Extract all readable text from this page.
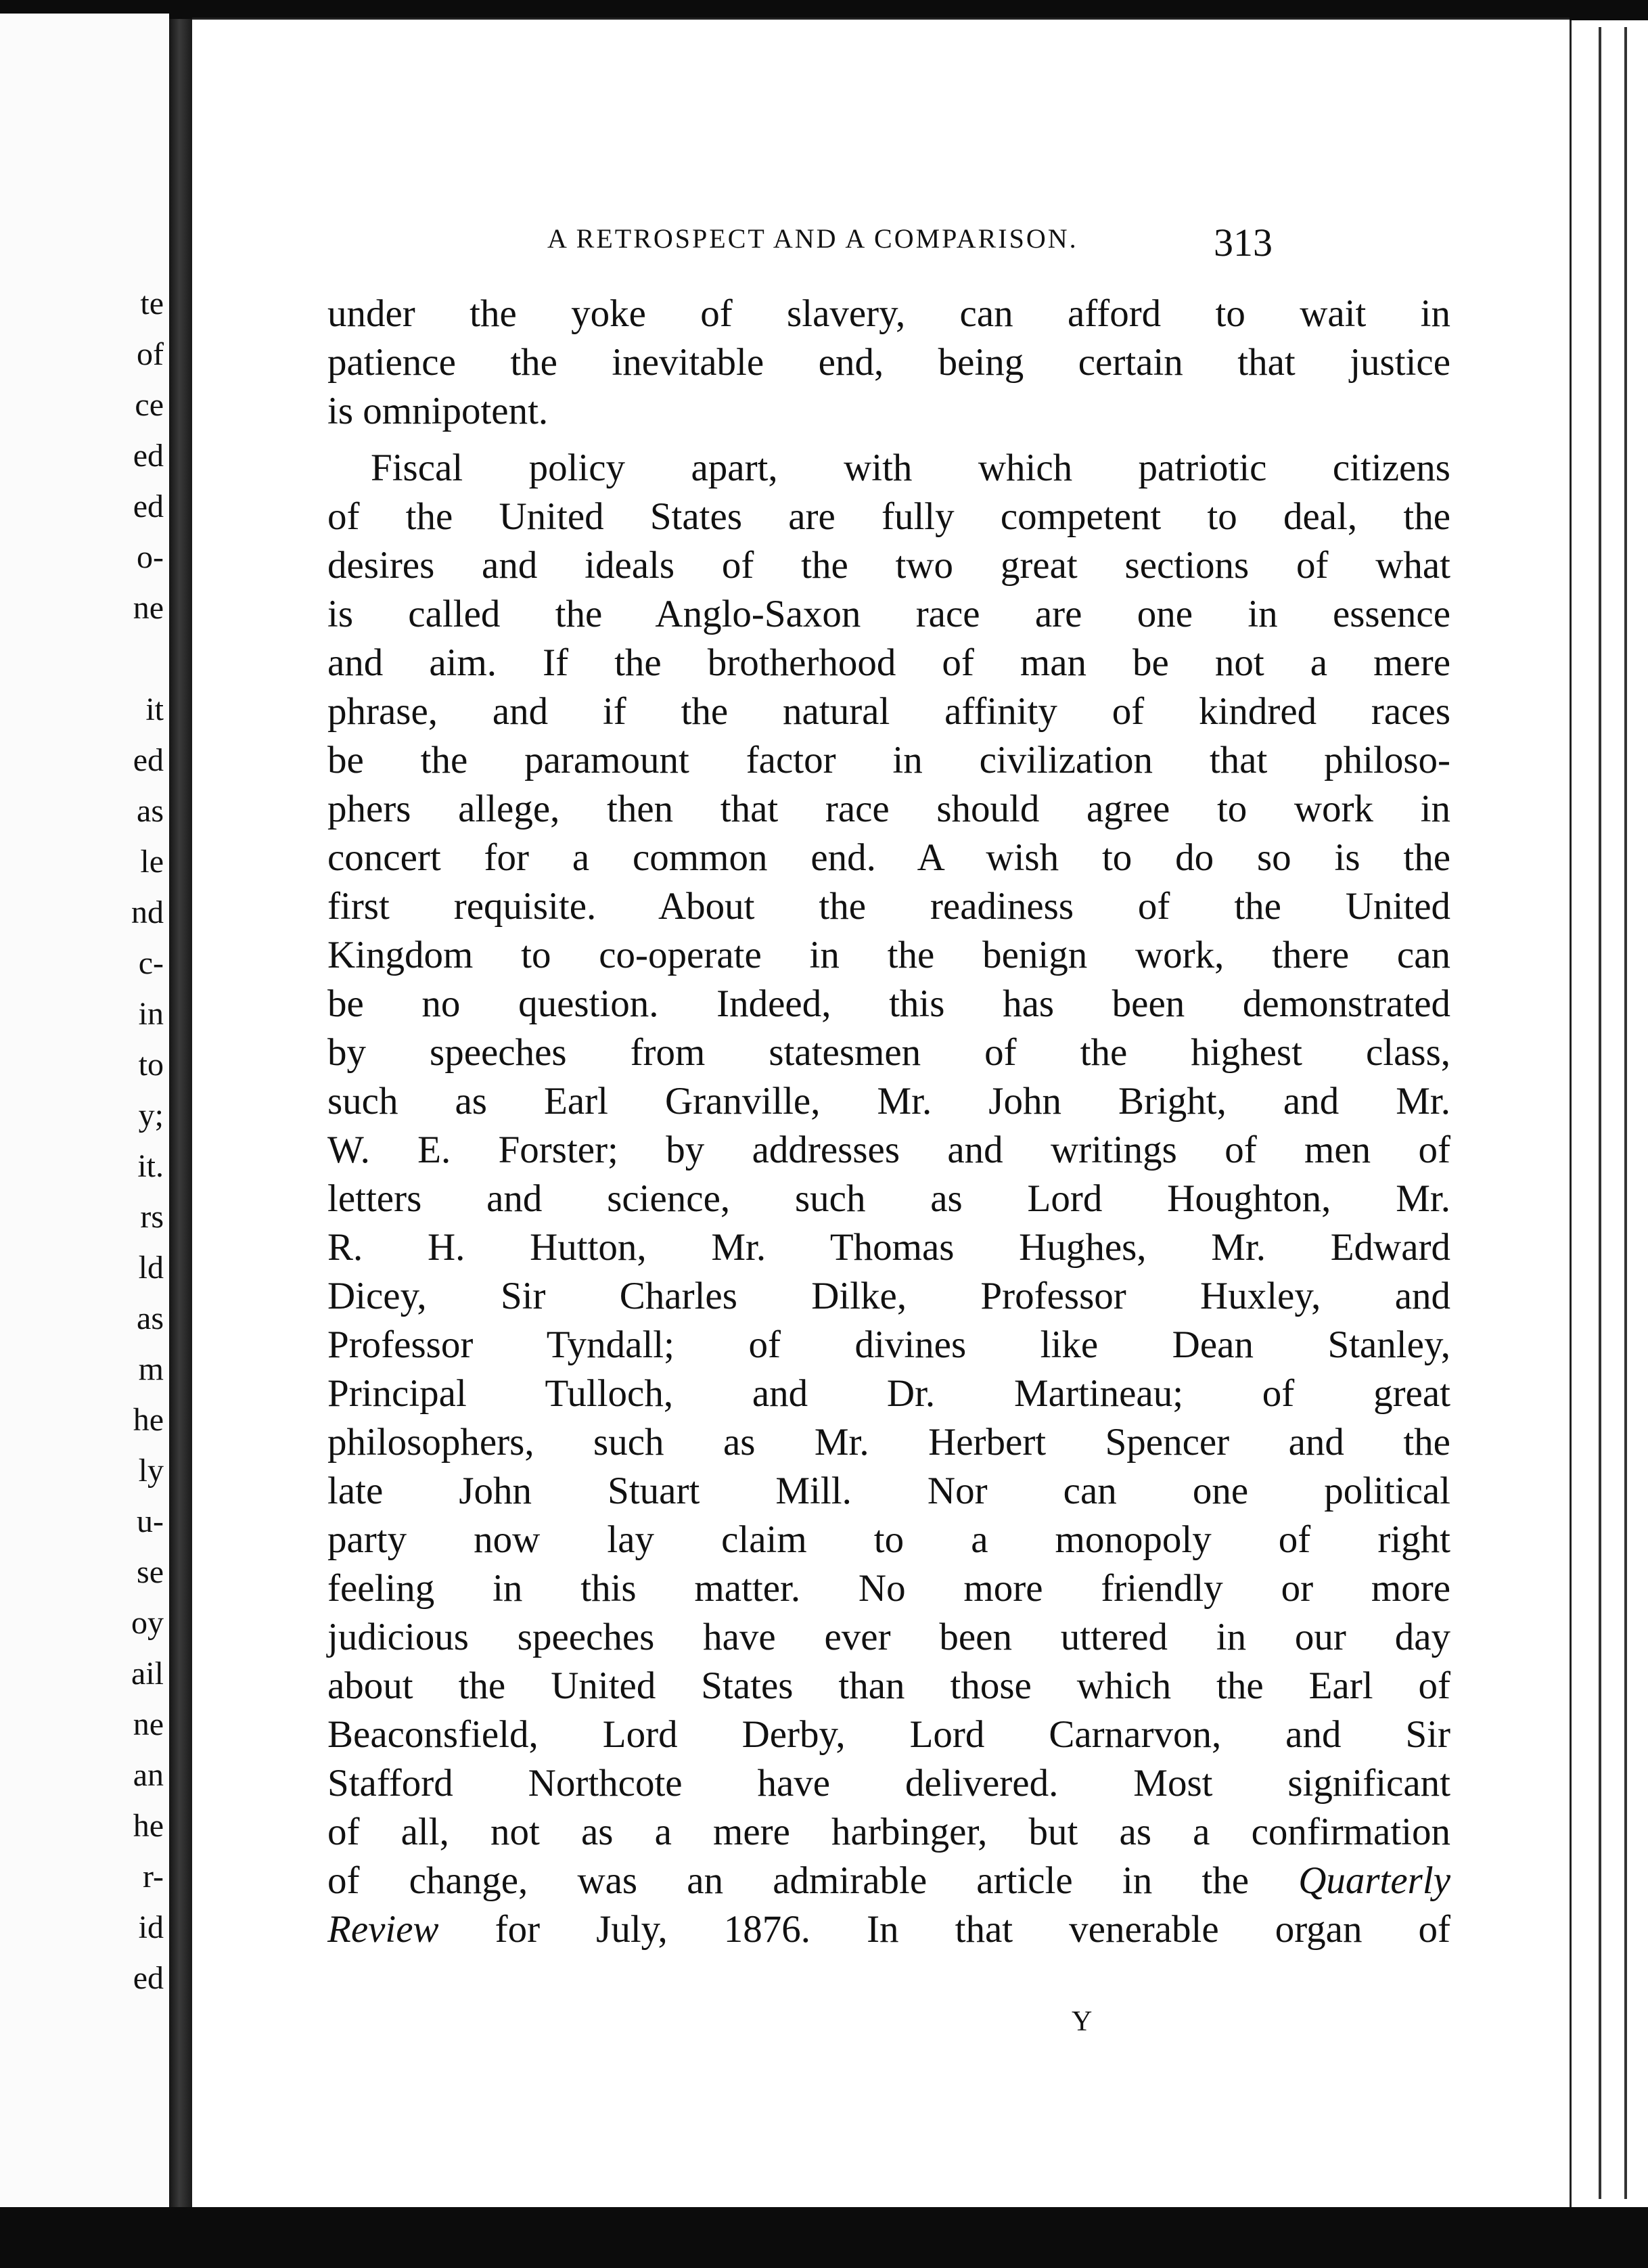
te
of
ce
ed
ed
o-
ne
it
ed
as
le
nd
c-
in
to
y;
it.
rs
ld
as
m
he
ly
u-
se
oy
ail
ne
an
he
r-
id
ed
A RETROSPECT AND A COMPARISON.	313
under the yoke of slavery, can afford to wait in
patience the inevitable end, being certain that justice
is omnipotent.
Fiscal policy apart, with which patriotic citizens
of the United States are fully competent to deal, the
desires and ideals of the two great sections of what
is called the Anglo-Saxon race are one in essence
and aim. If the brotherhood of man be not a mere
phrase, and if the natural affinity of kindred races
be the paramount factor in civilization that philoso-
phers allege, then that race should agree to work in
concert for a common end. A wish to do so is the
first requisite. About the readiness of the United
Kingdom to co-operate in the benign work, there can
be no question. Indeed, this has been demonstrated
by speeches from statesmen of the highest class,
such as Earl Granville, Mr. John Bright, and Mr.
W. E. Forster; by addresses and writings of men of
letters and science, such as Lord Houghton, Mr.
R. H. Hutton, Mr. Thomas Hughes, Mr. Edward
Dicey, Sir Charles Dilke, Professor Huxley, and
Professor Tyndall; of divines like Dean Stanley,
Principal Tulloch, and Dr. Martineau; of great
philosophers, such as Mr. Herbert Spencer and the
late John Stuart Mill. Nor can one political
party now lay claim to a monopoly of right
feeling in this matter. No more friendly or more
judicious speeches have ever been uttered in our day
about the United States than those which the Earl of
Beaconsfield, Lord Derby, Lord Carnarvon, and Sir
Stafford Northcote have delivered. Most significant
of all, not as a mere harbinger, but as a confirmation
of change, was an admirable article in the Quarterly
Review for July, 1876. In that venerable organ of
Y
